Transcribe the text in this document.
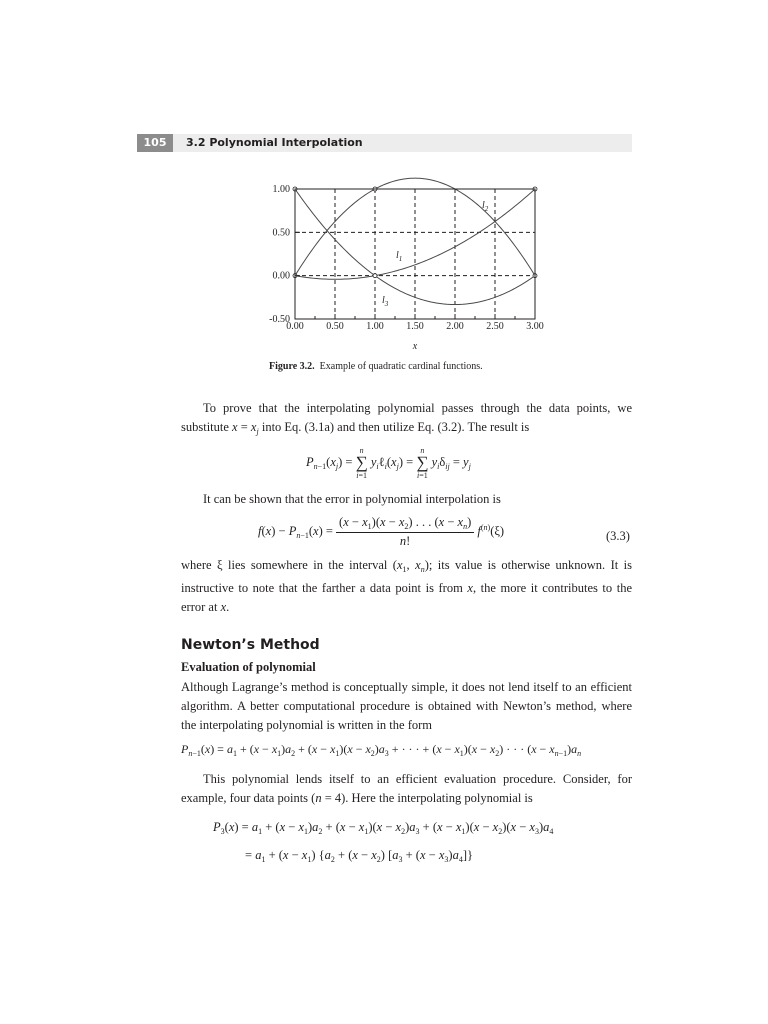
105	3.2 Polynomial Interpolation
0.00 0.50 1.00 1.50 2.00 2.50 3.00
1.00
0.50
0.00
-0.50
x
$l_1$
$l_2$
$l_3$
Figure 3.2. Example of quadratic cardinal functions.
To prove that the interpolating polynomial passes through the data points, we substitute $x = x_j$ into Eq. (3.1a) and then utilize Eq. (3.2). The result is
$P_{n-1}(x_j)$ =
n
∑
i=1
$y_i\ell_i(x_j)$ =
n
∑
i=1
$y_i\delta_{ij} = y_j$
It can be shown that the error in polynomial interpolation is
$f(x) - P_{n-1}(x) = \frac{(x - x_1)(x - x_2) . . . (x - x_n)}{n!} f^{(n)}(\xi)$	(3.3)
where ξ lies somewhere in the interval ($x_1$, $x_n$); its value is otherwise unknown. It is instructive to note that the farther a data point is from x, the more it contributes to the error at x.
Newton’s Method
Evaluation of polynomial
Although Lagrange’s method is conceptually simple, it does not lend itself to an efficient algorithm. A better computational procedure is obtained with Newton’s method, where the interpolating polynomial is written in the form
$P_{n-1}(x) = a_1 + (x - x_1)a_2 + (x - x_1)(x - x_2)a_3$ + · · · + $(x - x_1)(x - x_2)$ · · · $(x - x_{n-1})a_n$
This polynomial lends itself to an efficient evaluation procedure. Consider, for example, four data points (n = 4). Here the interpolating polynomial is
$P_3(x) = a_1 + (x - x_1)a_2 + (x - x_1)(x - x_2)a_3 + (x - x_1)(x - x_2)(x - x_3)a_4$
= $a_1 + (x - x_1) \{a_2 + (x - x_2) [a_3 + (x - x_3)a_4]\}$
